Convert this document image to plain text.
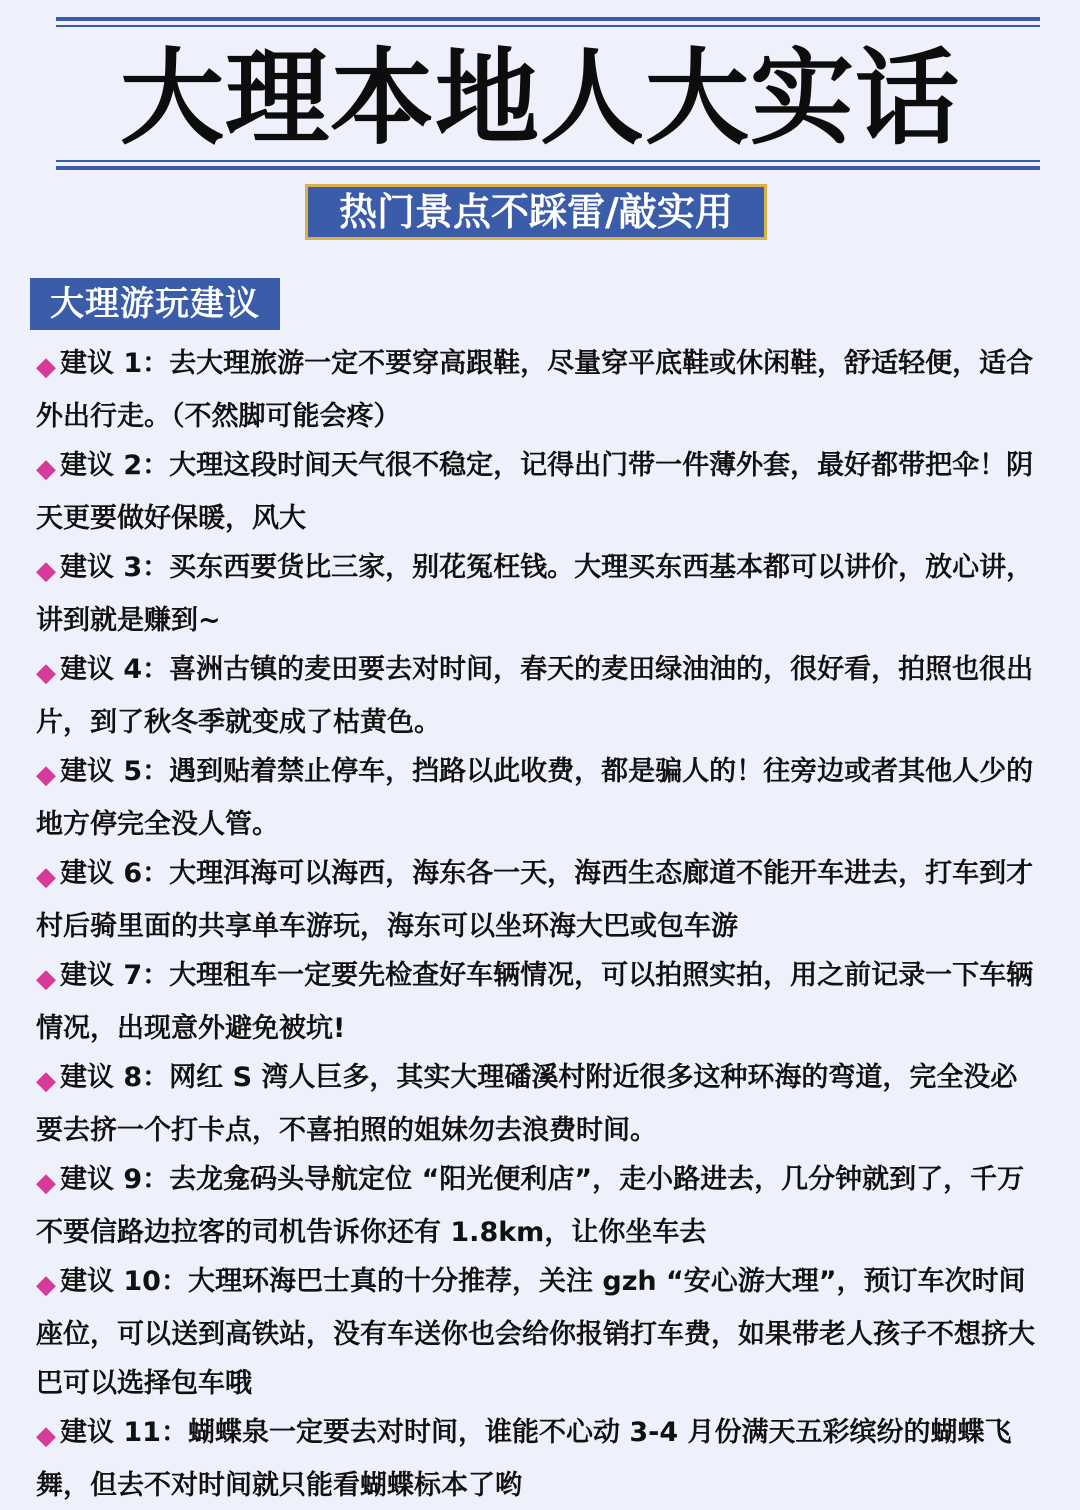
大理本地人大实话
热门景点不踩雷/敲实用
大理游玩建议

◆ 建议 1：去大理旅游一定不要穿高跟鞋，尽量穿平底鞋或休闲鞋，舒适轻便，适合外出行走。（不然脚可能会疼）

◆ 建议 2：大理这段时间天气很不稳定，记得出门带一件薄外套，最好都带把伞！阴天更要做好保暖，风大

◆ 建议 3：买东西要货比三家，别花冤枉钱。大理买东西基本都可以讲价，放心讲，讲到就是赚到~

◆ 建议 4：喜洲古镇的麦田要去对时间，春天的麦田绿油油的，很好看，拍照也很出片，到了秋冬季就变成了枯黄色。

◆ 建议 5：遇到贴着禁止停车，挡路以此收费，都是骗人的！往旁边或者其他人少的地方停完全没人管。

◆ 建议 6：大理洱海可以海西，海东各一天，海西生态廊道不能开车进去，打车到才村后骑里面的共享单车游玩，海东可以坐环海大巴或包车游

◆ 建议 7：大理租车一定要先检查好车辆情况，可以拍照实拍，用之前记录一下车辆情况，出现意外避免被坑!

◆ 建议 8：网红 S 湾人巨多，其实大理磻溪村附近很多这种环海的弯道，完全没必要去挤一个打卡点，不喜拍照的姐妹勿去浪费时间。

◆ 建议 9：去龙龛码头导航定位 “阳光便利店”，走小路进去，几分钟就到了，千万不要信路边拉客的司机告诉你还有 1.8km，让你坐车去

◆ 建议 10：大理环海巴士真的十分推荐，关注 gzh “安心游大理”，预订车次时间座位，可以送到高铁站，没有车送你也会给你报销打车费，如果带老人孩子不想挤大巴可以选择包车哦

◆ 建议 11：蝴蝶泉一定要去对时间，谁能不心动 3-4 月份满天五彩缤纷的蝴蝶飞舞，但去不对时间就只能看蝴蝶标本了哟
